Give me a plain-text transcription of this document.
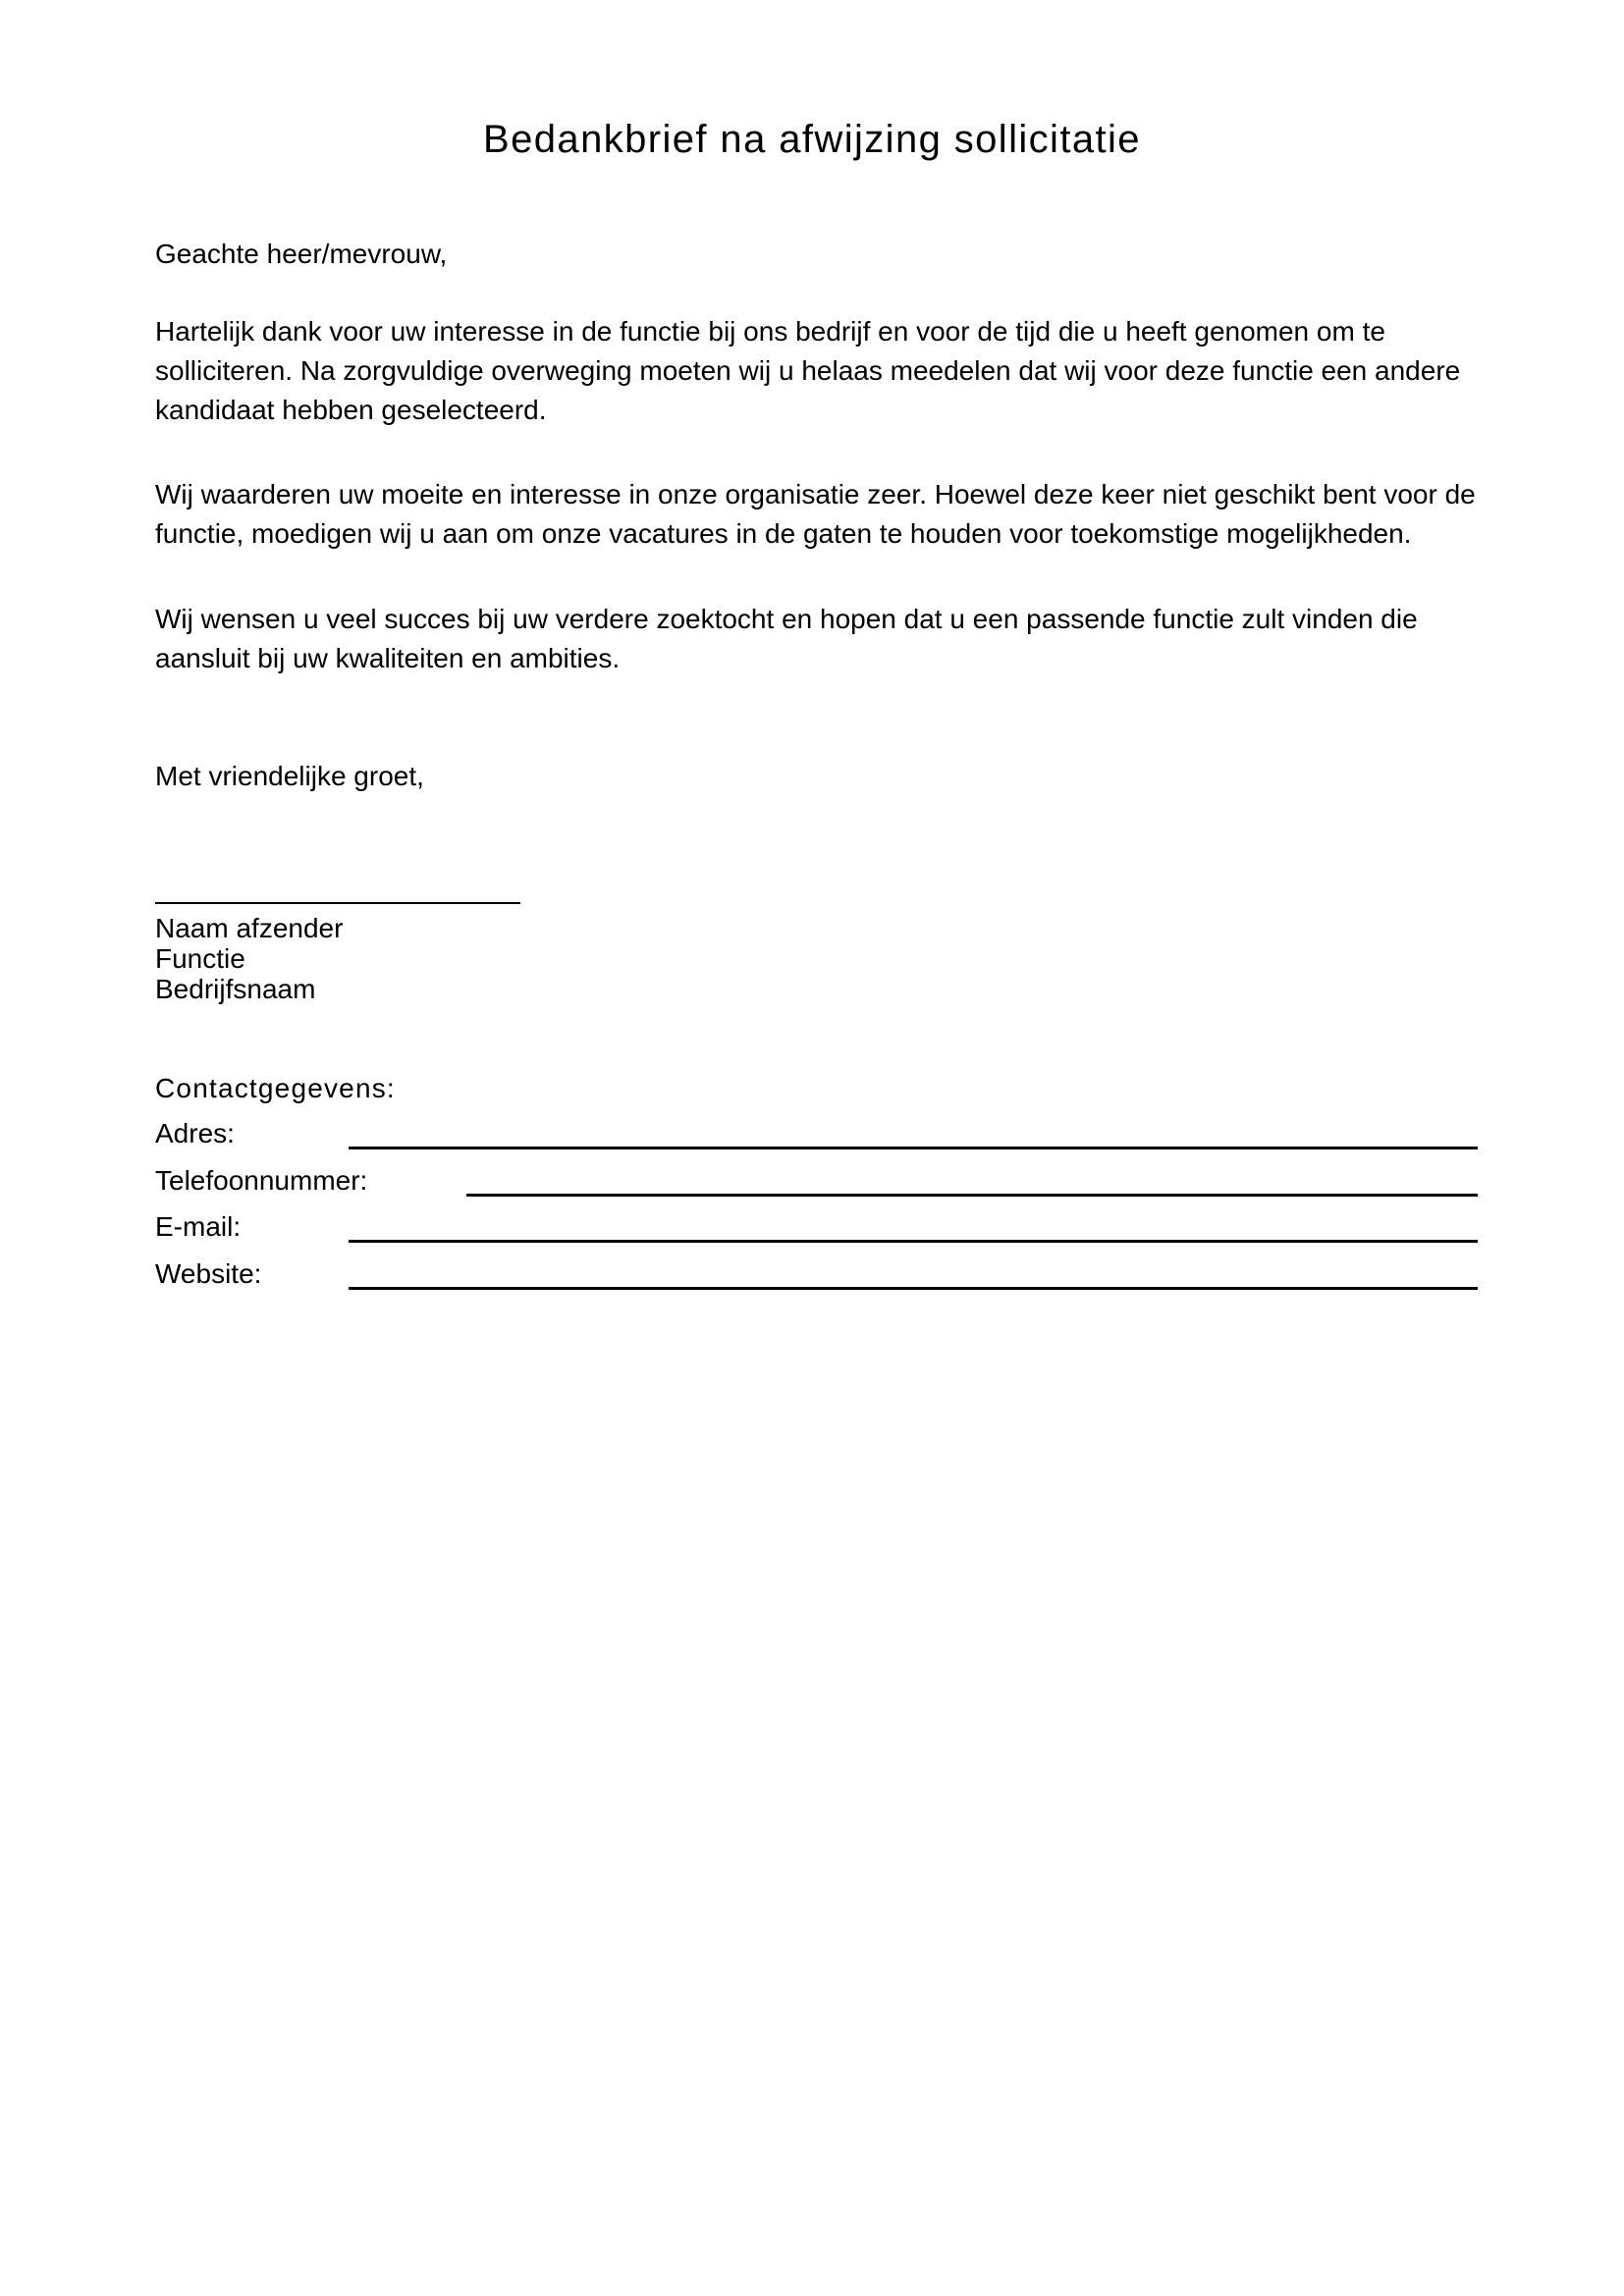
Bedankbrief na afwijzing sollicitatie
Geachte heer/mevrouw,
Hartelijk dank voor uw interesse in de functie bij ons bedrijf en voor de tijd die u heeft genomen om te
solliciteren. Na zorgvuldige overweging moeten wij u helaas meedelen dat wij voor deze functie een andere
kandidaat hebben geselecteerd.
Wij waarderen uw moeite en interesse in onze organisatie zeer. Hoewel deze keer niet geschikt bent voor de
functie, moedigen wij u aan om onze vacatures in de gaten te houden voor toekomstige mogelijkheden.
Wij wensen u veel succes bij uw verdere zoektocht en hopen dat u een passende functie zult vinden die
aansluit bij uw kwaliteiten en ambities.
Met vriendelijke groet,
Naam afzender
Functie
Bedrijfsnaam
Contactgegevens:
Adres:
Telefoonnummer:
E-mail:
Website:
